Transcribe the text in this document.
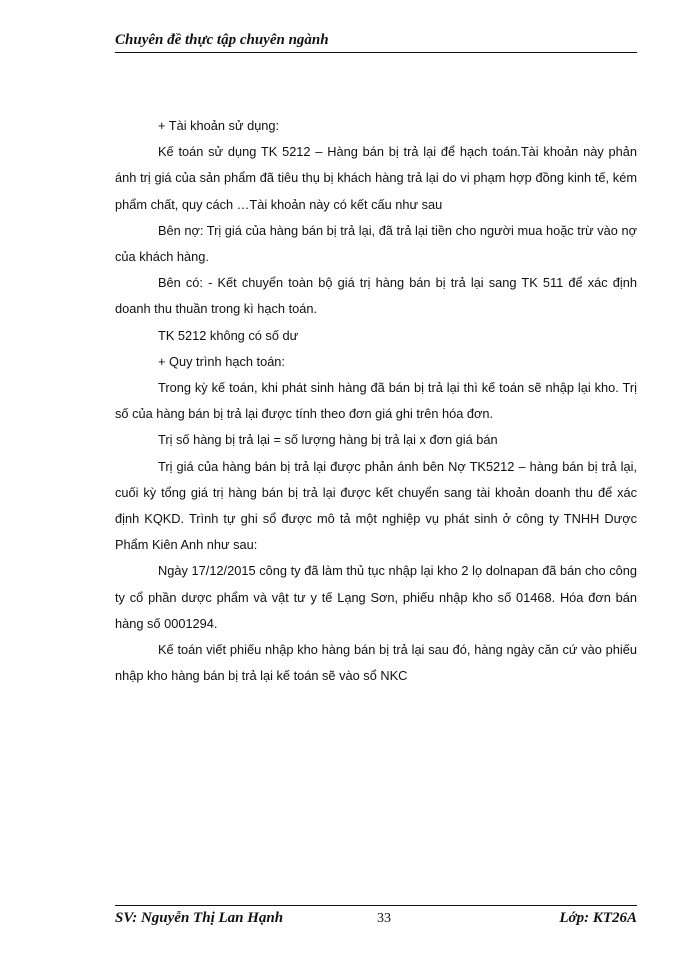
Chuyên đề thực tập chuyên ngành

+ Tài khoản sử dụng:

Kế toán sử dụng TK 5212 – Hàng bán bị trả lại để hạch toán.Tài khoản này phản ánh trị giá của sản phẩm đã tiêu thụ bị khách hàng trả lại do vi phạm hợp đồng kinh tế, kém phẩm chất, quy cách …Tài khoản này có kết cấu như sau

Bên nợ: Trị giá của hàng bán bị trả lại, đã trả lại tiền cho người mua hoặc trừ vào nợ của khách hàng.

Bên có: - Kết chuyển toàn bộ giá trị hàng bán bị trả lại sang TK 511 để xác định doanh thu thuần trong kì hạch toán.

TK 5212 không có số dư

+ Quy trình hạch toán:

Trong kỳ kế toán, khi phát sinh hàng đã bán bị trả lại thì kế toán sẽ nhập lại kho. Trị số của hàng bán bị trả lại được tính theo đơn giá ghi trên hóa đơn.

Trị số hàng bị trả lại = số lượng hàng bị trả lại x đơn giá bán

Trị giá của hàng bán bị trả lại được phản ánh bên Nợ TK5212 – hàng bán bị trả lại, cuối kỳ tổng giá trị hàng bán bị trả lại được kết chuyển sang tài khoản doanh thu để xác định KQKD. Trình tự ghi sổ được mô tả một nghiệp vụ phát sinh ở công ty TNHH Dược Phẩm Kiên Anh như sau:

Ngày 17/12/2015 công ty đã làm thủ tục nhập lại kho 2 lọ dolnapan đã bán cho công ty cổ phần dược phẩm và vật tư y tế Lạng Sơn, phiếu nhập kho số 01468. Hóa đơn bán hàng số 0001294.

Kế toán viết phiếu nhập kho hàng bán bị trả lại sau đó, hàng ngày căn cứ vào phiếu nhập kho hàng bán bị trả lại kế toán sẽ vào sổ NKC

SV: Nguyễn Thị Lan Hạnh	33	Lớp: KT26A
